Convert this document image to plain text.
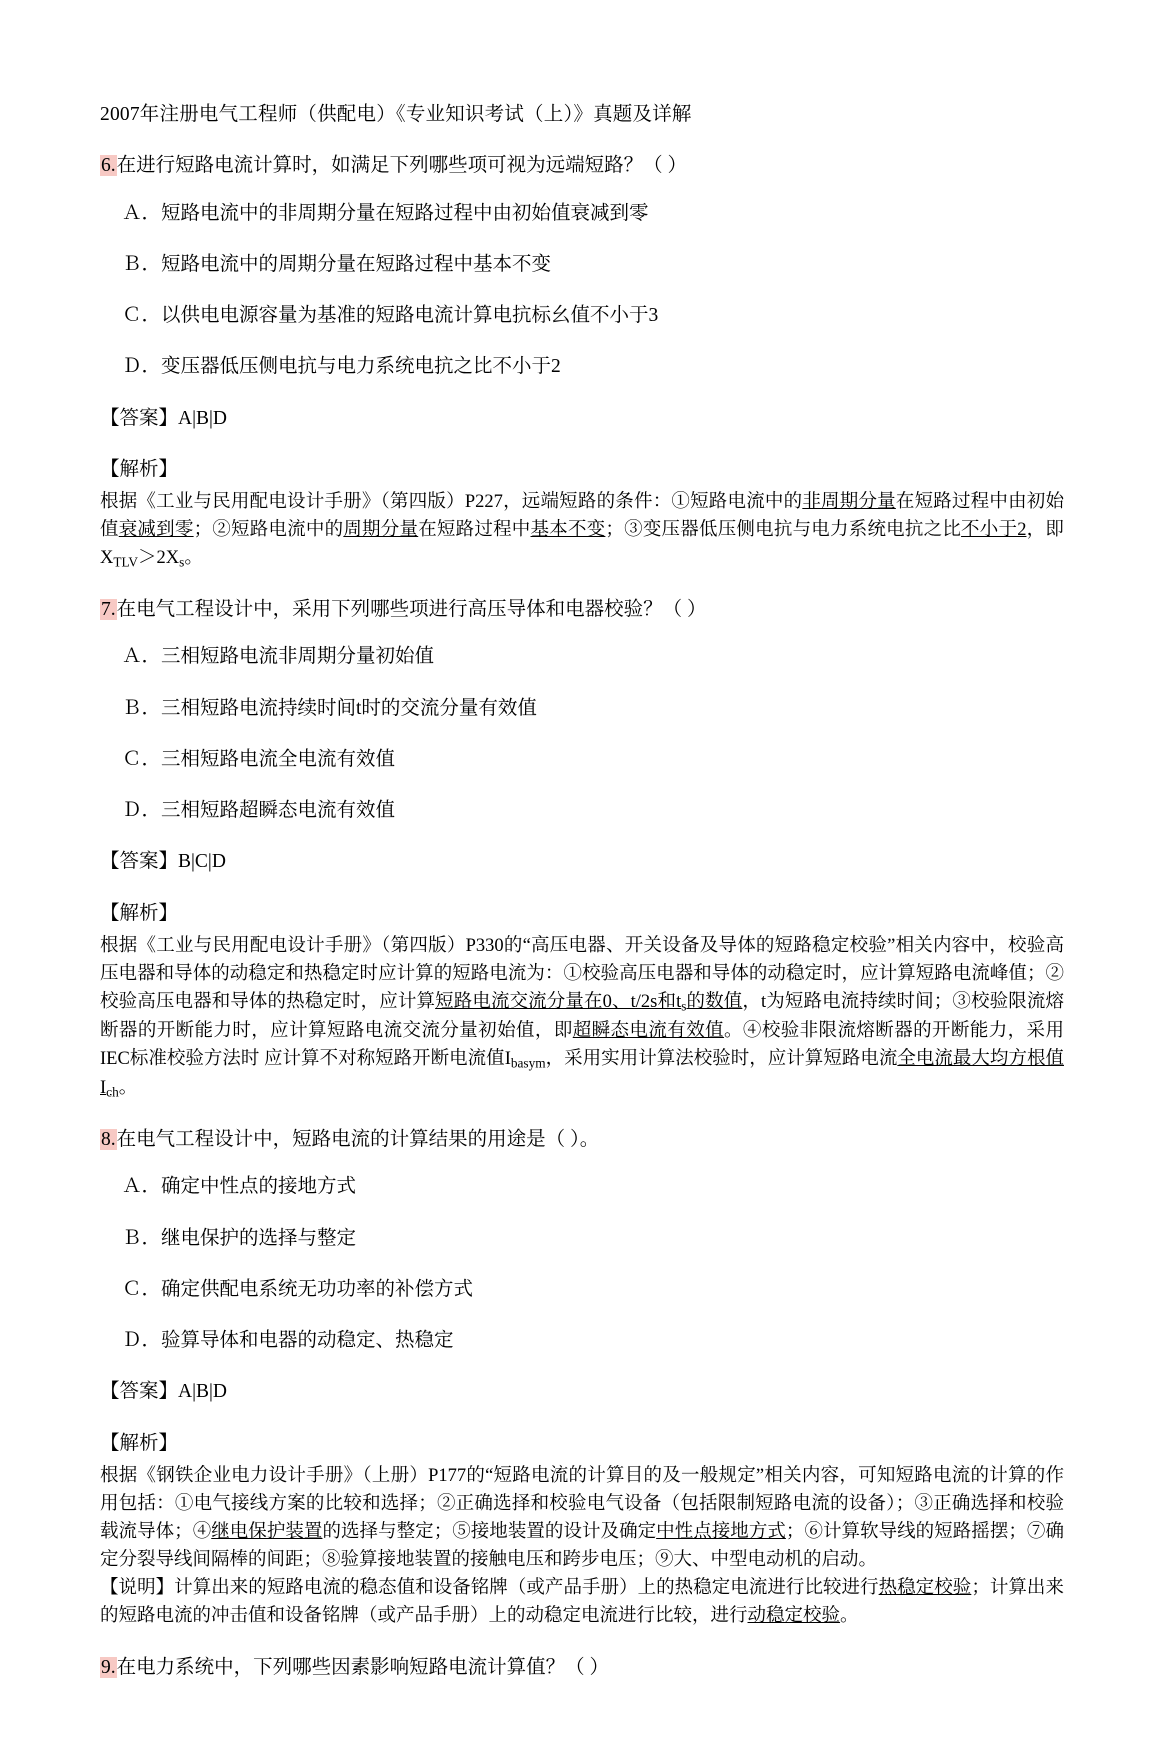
2007年注册电气工程师（供配电）《专业知识考试（上）》真题及详解
6.在进行短路电流计算时，如满足下列哪些项可视为远端短路？（ ）
Ａ．短路电流中的非周期分量在短路过程中由初始值衰减到零
Ｂ．短路电流中的周期分量在短路过程中基本不变
Ｃ．以供电电源容量为基准的短路电流计算电抗标幺值不小于3
Ｄ．变压器低压侧电抗与电力系统电抗之比不小于2
【答案】A|B|D
【解析】

根据《工业与民用配电设计手册》（第四版）P227，远端短路的条件：①短路电流中的非周期分量在短路过程中由初始值衰减到零；②短路电流中的周期分量在短路过程中基本不变；③变压器低压侧电抗与电力系统电抗之比不小于2，即$X_{TLV}>2X_s$。

7.在电气工程设计中，采用下列哪些项进行高压导体和电器校验？（ ）
Ａ．三相短路电流非周期分量初始值
Ｂ．三相短路电流持续时间t时的交流分量有效值
Ｃ．三相短路电流全电流有效值
Ｄ．三相短路超瞬态电流有效值
【答案】B|C|D
【解析】

根据《工业与民用配电设计手册》（第四版）P330的“高压电器、开关设备及导体的短路稳定校验”相关内容中，校验高压电器和导体的动稳定和热稳定时应计算的短路电流为：①校验高压电器和导体的动稳定时，应计算短路电流峰值；②校验高压电器和导体的热稳定时，应计算短路电流交流分量在0、t/2s和$t_s$的数值，t为短路电流持续时间；③校验限流熔断器的开断能力时，应计算短路电流交流分量初始值，即超瞬态电流有效值。④校验非限流熔断器的开断能力，采用IEC标准校验方法时 应计算不对称短路开断电流值$I_{basym}$，采用实用计算法校验时，应计算短路电流全电流最大均方根值$I_{ch}$。

8.在电气工程设计中，短路电流的计算结果的用途是（ ）。
Ａ．确定中性点的接地方式
Ｂ．继电保护的选择与整定
Ｃ．确定供配电系统无功功率的补偿方式
Ｄ．验算导体和电器的动稳定、热稳定
【答案】A|B|D
【解析】

根据《钢铁企业电力设计手册》（上册）P177的“短路电流的计算目的及一般规定”相关内容，可知短路电流的计算的作用包括：①电气接线方案的比较和选择；②正确选择和校验电气设备（包括限制短路电流的设备）；③正确选择和校验载流导体；④继电保护装置的选择与整定；⑤接地装置的设计及确定中性点接地方式；⑥计算软导线的短路摇摆；⑦确定分裂导线间隔棒的间距；⑧验算接地装置的接触电压和跨步电压；⑨大、中型电动机的启动。

【说明】计算出来的短路电流的稳态值和设备铭牌（或产品手册）上的热稳定电流进行比较进行热稳定校验；计算出来的短路电流的冲击值和设备铭牌（或产品手册）上的动稳定电流进行比较，进行动稳定校验。

9.在电力系统中，下列哪些因素影响短路电流计算值？（ ）
